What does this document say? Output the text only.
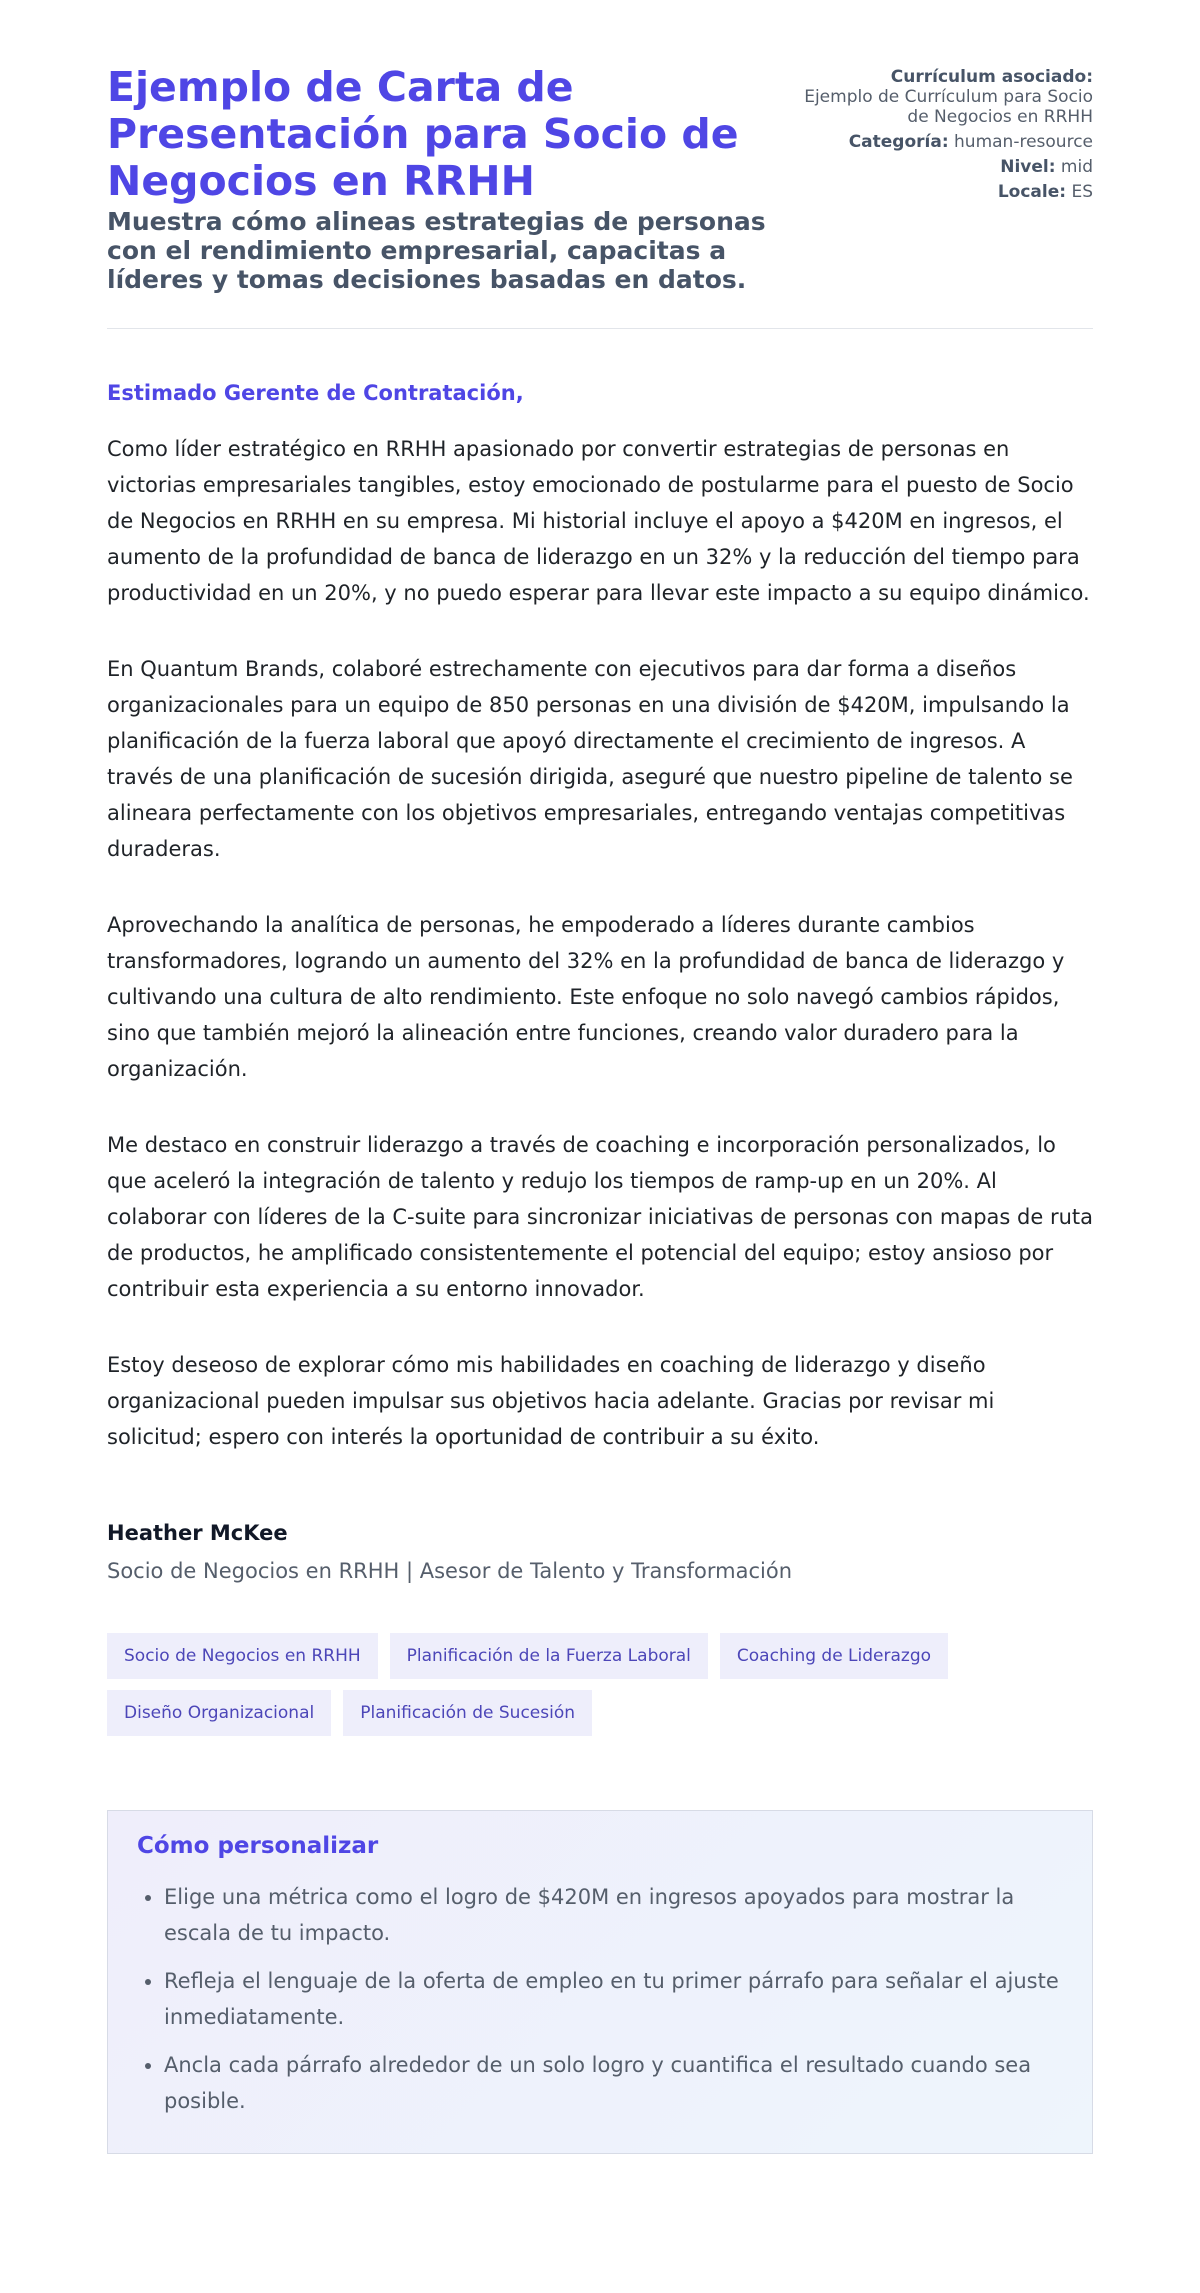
Ejemplo de Carta de Presentación para Socio de Negocios en RRHH

Muestra cómo alineas estrategias de personas con el rendimiento empresarial, capacitas a líderes y tomas decisiones basadas en datos.

Currículum asociado:
Ejemplo de Currículum para Socio de Negocios en RRHH
Categoría: human-resource
Nivel: mid
Locale: ES
Estimado Gerente de Contratación,
Como líder estratégico en RRHH apasionado por convertir estrategias de personas en victorias empresariales tangibles, estoy emocionado de postularme para el puesto de Socio de Negocios en RRHH en su empresa. Mi historial incluye el apoyo a $420M en ingresos, el aumento de la profundidad de banca de liderazgo en un 32% y la reducción del tiempo para productividad en un 20%, y no puedo esperar para llevar este impacto a su equipo dinámico.
En Quantum Brands, colaboré estrechamente con ejecutivos para dar forma a diseños organizacionales para un equipo de 850 personas en una división de $420M, impulsando la planificación de la fuerza laboral que apoyó directamente el crecimiento de ingresos. A través de una planificación de sucesión dirigida, aseguré que nuestro pipeline de talento se alineara perfectamente con los objetivos empresariales, entregando ventajas competitivas duraderas.
Aprovechando la analítica de personas, he empoderado a líderes durante cambios transformadores, logrando un aumento del 32% en la profundidad de banca de liderazgo y cultivando una cultura de alto rendimiento. Este enfoque no solo navegó cambios rápidos, sino que también mejoró la alineación entre funciones, creando valor duradero para la organización.
Me destaco en construir liderazgo a través de coaching e incorporación personalizados, lo que aceleró la integración de talento y redujo los tiempos de ramp-up en un 20%. Al colaborar con líderes de la C-suite para sincronizar iniciativas de personas con mapas de ruta de productos, he amplificado consistentemente el potencial del equipo; estoy ansioso por contribuir esta experiencia a su entorno innovador.
Estoy deseoso de explorar cómo mis habilidades en coaching de liderazgo y diseño organizacional pueden impulsar sus objetivos hacia adelante. Gracias por revisar mi solicitud; espero con interés la oportunidad de contribuir a su éxito.
Heather McKee
Socio de Negocios en RRHH | Asesor de Talento y Transformación
Socio de Negocios en RRHH	Planificación de la Fuerza Laboral	Coaching de Liderazgo
Diseño Organizacional	Planificación de Sucesión
Cómo personalizar
• Elige una métrica como el logro de $420M en ingresos apoyados para mostrar la escala de tu impacto.
• Refleja el lenguaje de la oferta de empleo en tu primer párrafo para señalar el ajuste inmediatamente.
• Ancla cada párrafo alrededor de un solo logro y cuantifica el resultado cuando sea posible.
